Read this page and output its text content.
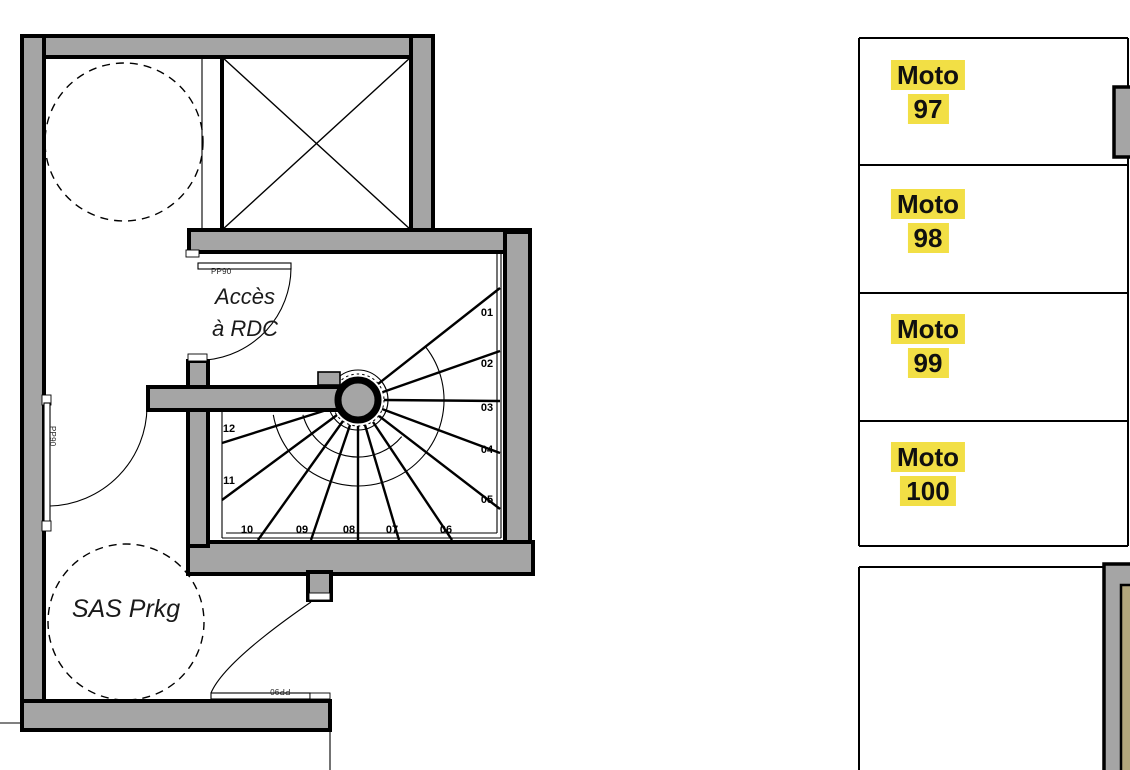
Accès
à RDC
SAS Prkg
PP90
PP90
PP90
01
02
03
04
05
06
07
08
09
10
11
12
Moto
97
Moto
98
Moto
99
Moto
100
